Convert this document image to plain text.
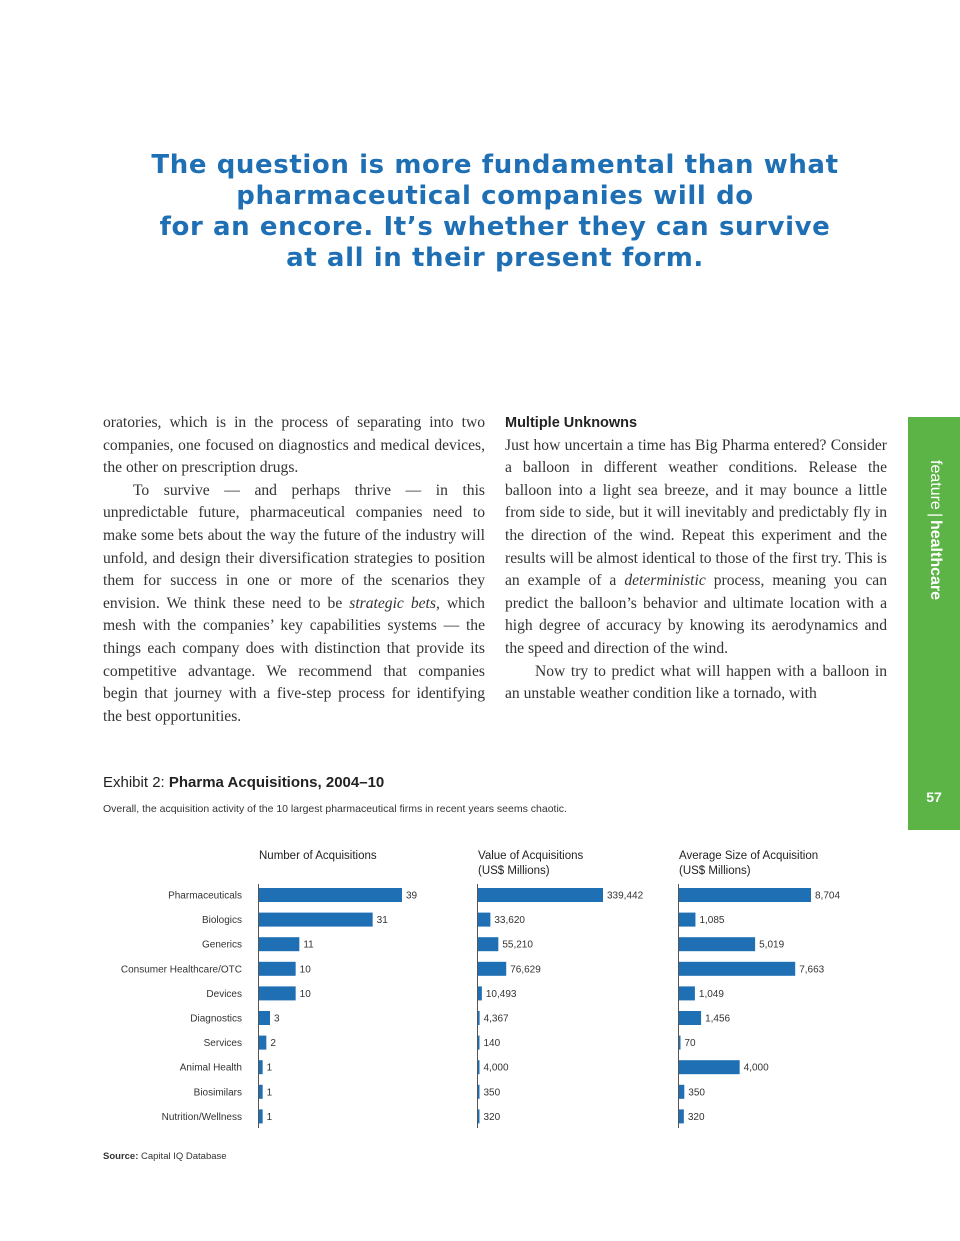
The question is more fundamental than what
pharmaceutical companies will do
for an encore. It’s whether they can survive
at all in their present form.

oratories, which is in the process of separating into two companies, one focused on diagnostics and medical devices, the other on prescription drugs.

To survive — and perhaps thrive — in this unpredictable future, pharmaceutical companies need to make some bets about the way the future of the industry will unfold, and design their diversification strategies to position them for success in one or more of the scenarios they envision. We think these need to be strategic bets, which mesh with the companies’ key capabilities systems — the things each company does with distinction that provide its competitive advantage. We recommend that companies begin that journey with a five-step process for identifying the best opportunities.

Multiple Unknowns

Just how uncertain a time has Big Pharma entered? Consider a balloon in different weather conditions. Release the balloon into a light sea breeze, and it may bounce a little from side to side, but it will inevitably and predictably fly in the direction of the wind. Repeat this experiment and the results will be almost identical to those of the first try. This is an example of a deterministic process, meaning you can predict the balloon’s behavior and ultimate location with a high degree of accuracy by knowing its aerodynamics and the speed and direction of the wind.

Now try to predict what will happen with a balloon in an unstable weather condition like a tornado, with

feature|healthcare
57
Exhibit 2: Pharma Acquisitions, 2004–10
Overall, the acquisition activity of the 10 largest pharmaceutical firms in recent years seems chaotic.
Pharmaceuticals
Biologics
Generics
Consumer Healthcare/OTC
Devices
Diagnostics
Services
Animal Health
Biosimilars
Nutrition/Wellness
Number of Acquisitions
39
31
11
10
10
3
2
1
1
1
Value of Acquisitions
(US$ Millions)
339,442
33,620
55,210
76,629
10,493
4,367
140
4,000
350
320
Average Size of Acquisition
(US$ Millions)
8,704
1,085
5,019
7,663
1,049
1,456
70
4,000
350
320
Source: Capital IQ Database
